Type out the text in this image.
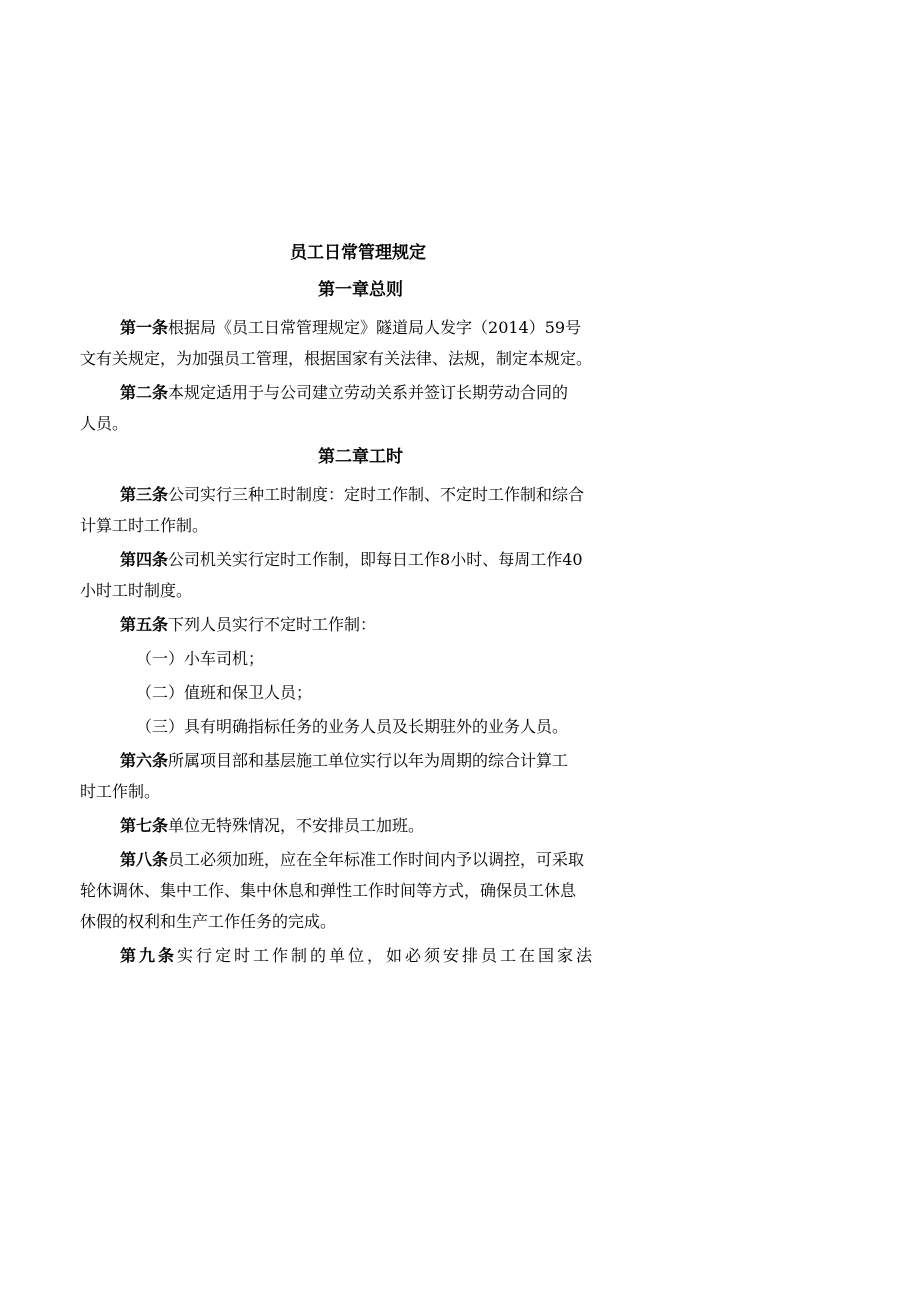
员工日常管理规定
第一章总则
第一条根据局《员工日常管理规定》隧道局人发字（2014）59号
文有关规定，为加强员工管理，根据国家有关法律、法规，制定本规定。
第二条本规定适用于与公司建立劳动关系并签订长期劳动合同的
人员。
第二章工时
第三条公司实行三种工时制度：定时工作制、不定时工作制和综合
计算工时工作制。
第四条公司机关实行定时工作制，即每日工作8小时、每周工作40
小时工时制度。
第五条下列人员实行不定时工作制：
（一）小车司机；
（二）值班和保卫人员；
（三）具有明确指标任务的业务人员及长期驻外的业务人员。
第六条所属项目部和基层施工单位实行以年为周期的综合计算工
时工作制。
第七条单位无特殊情况，不安排员工加班。
第八条员工必须加班，应在全年标准工作时间内予以调控，可采取
轮休调休、集中工作、集中休息和弹性工作时间等方式，确保员工休息
休假的权利和生产工作任务的完成。
第九条实行定时工作制的单位，如必须安排员工在国家法
